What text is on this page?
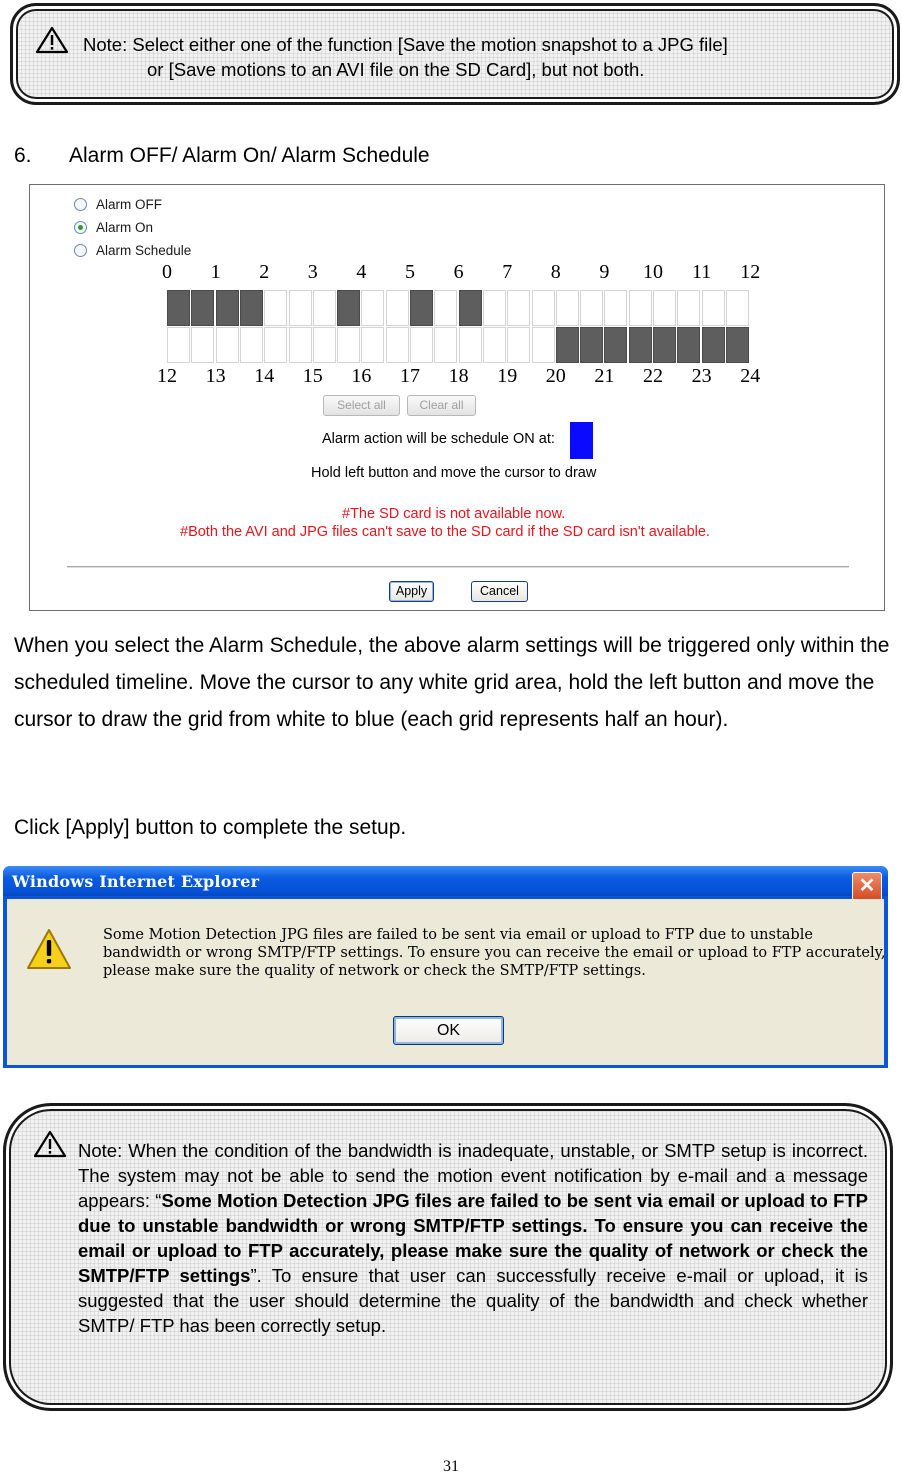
Note: Select either one of the function [Save the motion snapshot to a JPG file]
or [Save motions to an AVI file on the SD Card], but not both.
6. Alarm OFF/ Alarm On/ Alarm Schedule
Alarm OFF
Alarm On
Alarm Schedule
0 1 2 3 4 5 6 7 8 9 10 11 12
12 13 14 15 16 17 18 19 20 21 22 23 24
Select all	Clear all
Alarm action will be schedule ON at:
Hold left button and move the cursor to draw
#The SD card is not available now.
#Both the AVI and JPG files can't save to the SD card if the SD card isn't available.
Apply	Cancel
When you select the Alarm Schedule, the above alarm settings will be triggered only within the scheduled timeline. Move the cursor to any white grid area, hold the left button and move the cursor to draw the grid from white to blue (each grid represents half an hour).
Click [Apply] button to complete the setup.
Windows Internet Explorer	✕
Some Motion Detection JPG files are failed to be sent via email or upload to FTP due to unstable bandwidth or wrong SMTP/FTP settings. To ensure you can receive the email or upload to FTP accurately, please make sure the quality of network or check the SMTP/FTP settings.
OK
Note: When the condition of the bandwidth is inadequate, unstable, or SMTP setup is incorrect. The system may not be able to send the motion event notification by e-mail and a message appears: “Some Motion Detection JPG files are failed to be sent via email or upload to FTP due to unstable bandwidth or wrong SMTP/FTP settings. To ensure you can receive the email or upload to FTP accurately, please make sure the quality of network or check the SMTP/FTP settings”. To ensure that user can successfully receive e-mail or upload, it is suggested that the user should determine the quality of the bandwidth and check whether SMTP/ FTP has been correctly setup.
31
